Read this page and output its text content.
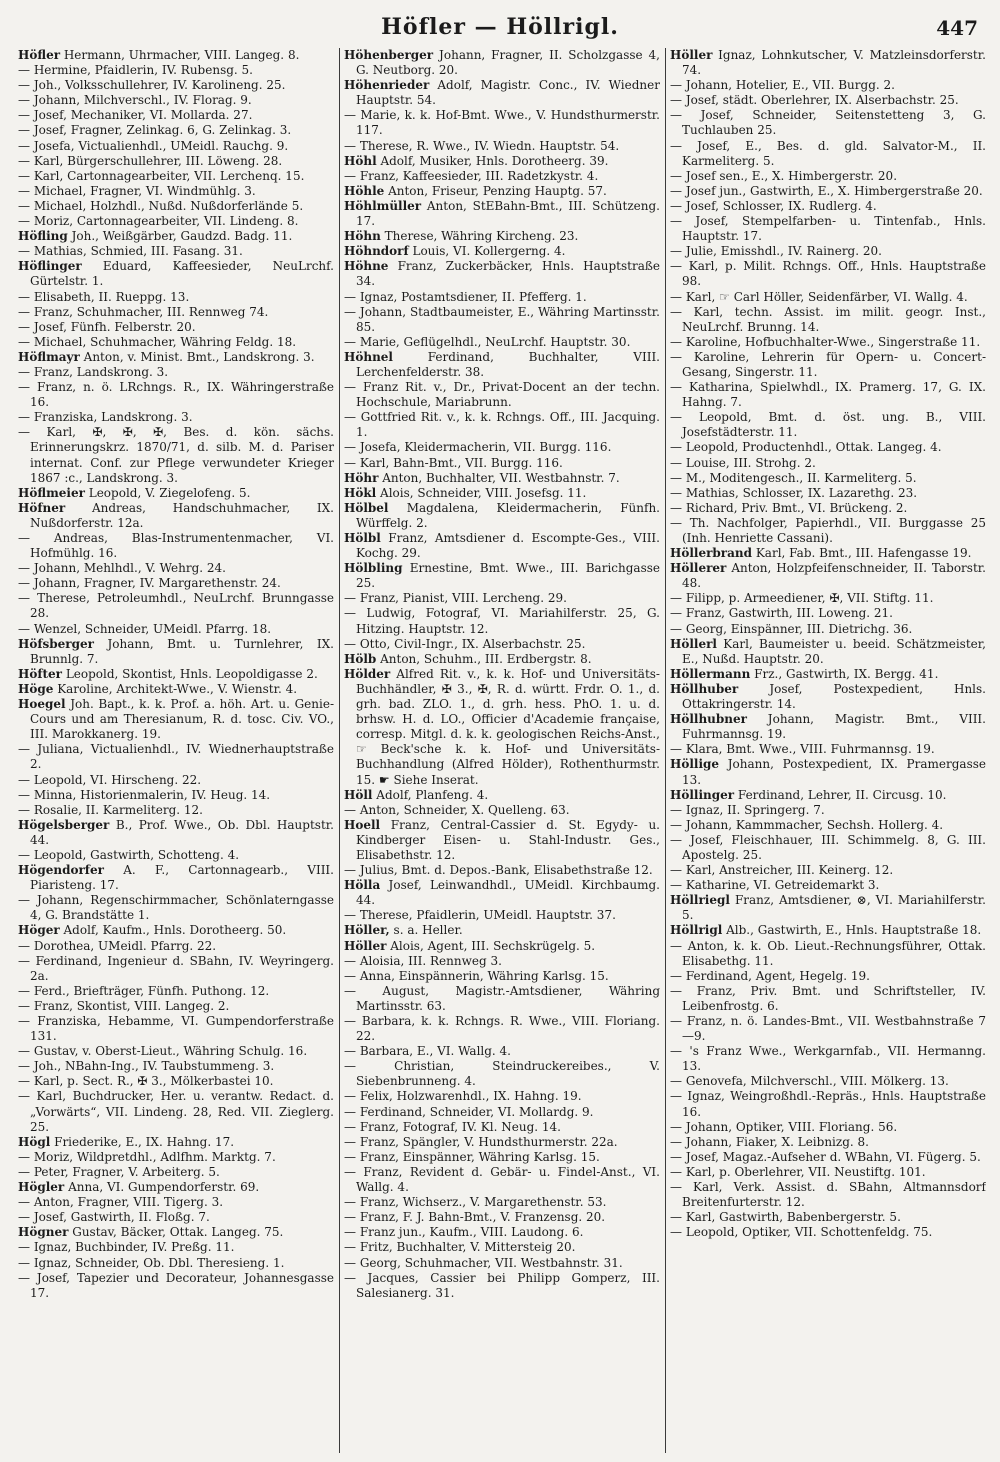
Höfler — Höllrigl.	447
Höfler Hermann, Uhrmacher, VIII. Langeg. 8.
— Hermine, Pfaidlerin, IV. Rubensg. 5.
— Joh., Volksschullehrer, IV. Karolineng. 25.
— Johann, Milchverschl., IV. Florag. 9.
— Josef, Mechaniker, VI. Mollarda. 27.
— Josef, Fragner, Zelinkag. 6, G. Zelinkag. 3.
— Josefa, Victualienhdl., UMeidl. Rauchg. 9.
— Karl, Bürgerschullehrer, III. Löweng. 28.
— Karl, Cartonnagearbeiter, VII. Lerchenq. 15.
— Michael, Fragner, VI. Windmühlg. 3.
— Michael, Holzhdl., Nußd. Nußdorferlände 5.
— Moriz, Cartonnagearbeiter, VII. Lindeng. 8.
Höfling Joh., Weißgärber, Gaudzd. Badg. 11.
— Mathias, Schmied, III. Fasang. 31.
Höflinger Eduard, Kaffeesieder, NeuLrchf. Gürtelstr. 1.
— Elisabeth, II. Rueppg. 13.
— Franz, Schuhmacher, III. Rennweg 74.
— Josef, Fünfh. Felberstr. 20.
— Michael, Schuhmacher, Währing Feldg. 18.
Höflmayr Anton, v. Minist. Bmt., Landskrong. 3.
— Franz, Landskrong. 3.
— Franz, n. ö. LRchngs. R., IX. Währingerstraße 16.
— Franziska, Landskrong. 3.
— Karl, ✠, ✠, ✠, Bes. d. kön. sächs. Erinnerungskrz. 1870/71, d. silb. M. d. Pariser internat. Conf. zur Pflege verwundeter Krieger 1867 :c., Landskrong. 3.
Höflmeier Leopold, V. Ziegelofeng. 5.
Höfner Andreas, Handschuhmacher, IX. Nußdorferstr. 12a.
— Andreas, Blas-Instrumentenmacher, VI. Hofmühlg. 16.
— Johann, Mehlhdl., V. Wehrg. 24.
— Johann, Fragner, IV. Margarethenstr. 24.
— Therese, Petroleumhdl., NeuLrchf. Brunngasse 28.
— Wenzel, Schneider, UMeidl. Pfarrg. 18.
Höfsberger Johann, Bmt. u. Turnlehrer, IX. Brunnlg. 7.
Höfter Leopold, Skontist, Hnls. Leopoldigasse 2.
Höge Karoline, Architekt-Wwe., V. Wienstr. 4.
Hoegel Joh. Bapt., k. k. Prof. a. höh. Art. u. Genie-Cours und am Theresianum, R. d. tosc. Civ. VO., III. Marokkanerg. 19.
— Juliana, Victualienhdl., IV. Wiednerhauptstraße 2.
— Leopold, VI. Hirscheng. 22.
— Minna, Historienmalerin, IV. Heug. 14.
— Rosalie, II. Karmeliterg. 12.
Högelsberger B., Prof. Wwe., Ob. Dbl. Hauptstr. 44.
— Leopold, Gastwirth, Schotteng. 4.
Högendorfer A. F., Cartonnagearb., VIII. Piaristeng. 17.
— Johann, Regenschirmmacher, Schönlaterngasse 4, G. Brandstätte 1.
Höger Adolf, Kaufm., Hnls. Dorotheerg. 50.
— Dorothea, UMeidl. Pfarrg. 22.
— Ferdinand, Ingenieur d. SBahn, IV. Weyringerg. 2a.
— Ferd., Briefträger, Fünfh. Puthong. 12.
— Franz, Skontist, VIII. Langeg. 2.
— Franziska, Hebamme, VI. Gumpendorferstraße 131.
— Gustav, v. Oberst-Lieut., Währing Schulg. 16.
— Joh., NBahn-Ing., IV. Taubstummeng. 3.
— Karl, p. Sect. R., ✠ 3., Mölkerbastei 10.
— Karl, Buchdrucker, Her. u. verantw. Redact. d. „Vorwärts“, VII. Lindeng. 28, Red. VII. Zieglerg. 25.
Högl Friederike, E., IX. Hahng. 17.
— Moriz, Wildpretdhl., Adlfhm. Marktg. 7.
— Peter, Fragner, V. Arbeiterg. 5.
Högler Anna, VI. Gumpendorferstr. 69.
— Anton, Fragner, VIII. Tigerg. 3.
— Josef, Gastwirth, II. Floßg. 7.
Högner Gustav, Bäcker, Ottak. Langeg. 75.
— Ignaz, Buchbinder, IV. Preßg. 11.
— Ignaz, Schneider, Ob. Dbl. Theresieng. 1.
— Josef, Tapezier und Decorateur, Johannesgasse 17.
Höhenberger Johann, Fragner, II. Scholzgasse 4, G. Neutborg. 20.
Höhenrieder Adolf, Magistr. Conc., IV. Wiedner Hauptstr. 54.
— Marie, k. k. Hof-Bmt. Wwe., V. Hundsthurmerstr. 117.
— Therese, R. Wwe., IV. Wiedn. Hauptstr. 54.
Höhl Adolf, Musiker, Hnls. Dorotheerg. 39.
— Franz, Kaffeesieder, III. Radetzkystr. 4.
Höhle Anton, Friseur, Penzing Hauptg. 57.
Höhlmüller Anton, StEBahn-Bmt., III. Schützeng. 17.
Höhn Therese, Währing Kircheng. 23.
Höhndorf Louis, VI. Kollergerng. 4.
Höhne Franz, Zuckerbäcker, Hnls. Hauptstraße 34.
— Ignaz, Postamtsdiener, II. Pfefferg. 1.
— Johann, Stadtbaumeister, E., Währing Martinsstr. 85.
— Marie, Geflügelhdl., NeuLrchf. Hauptstr. 30.
Höhnel Ferdinand, Buchhalter, VIII. Lerchenfelderstr. 38.
— Franz Rit. v., Dr., Privat-Docent an der techn. Hochschule, Mariabrunn.
— Gottfried Rit. v., k. k. Rchngs. Off., III. Jacquing. 1.
— Josefa, Kleidermacherin, VII. Burgg. 116.
— Karl, Bahn-Bmt., VII. Burgg. 116.
Höhr Anton, Buchhalter, VII. Westbahnstr. 7.
Hökl Alois, Schneider, VIII. Josefsg. 11.
Hölbel Magdalena, Kleidermacherin, Fünfh. Würffelg. 2.
Hölbl Franz, Amtsdiener d. Escompte-Ges., VIII. Kochg. 29.
Hölbling Ernestine, Bmt. Wwe., III. Barichgasse 25.
— Franz, Pianist, VIII. Lercheng. 29.
— Ludwig, Fotograf, VI. Mariahilferstr. 25, G. Hitzing. Hauptstr. 12.
— Otto, Civil-Ingr., IX. Alserbachstr. 25.
Hölb Anton, Schuhm., III. Erdbergstr. 8.
Hölder Alfred Rit. v., k. k. Hof- und Universitäts-Buchhändler, ✠ 3., ✠, R. d. württ. Frdr. O. 1., d. grh. bad. ZLO. 1., d. grh. hess. PhO. 1. u. d. brhsw. H. d. LO., Officier d'Academie française, corresp. Mitgl. d. k. k. geologischen Reichs-Anst., ☞ Beck'sche k. k. Hof- und Universitäts-Buchhandlung (Alfred Hölder), Rothenthurmstr. 15. ☛ Siehe Inserat.
Höll Adolf, Planfeng. 4.
— Anton, Schneider, X. Quelleng. 63.
Hoell Franz, Central-Cassier d. St. Egydy- u. Kindberger Eisen- u. Stahl-Industr. Ges., Elisabethstr. 12.
— Julius, Bmt. d. Depos.-Bank, Elisabethstraße 12.
Hölla Josef, Leinwandhdl., UMeidl. Kirchbaumg. 44.
— Therese, Pfaidlerin, UMeidl. Hauptstr. 37.
Höller, s. a. Heller.
Höller Alois, Agent, III. Sechskrügelg. 5.
— Aloisia, III. Rennweg 3.
— Anna, Einspännerin, Währing Karlsg. 15.
— August, Magistr.-Amtsdiener, Währing Martinsstr. 63.
— Barbara, k. k. Rchngs. R. Wwe., VIII. Floriang. 22.
— Barbara, E., VI. Wallg. 4.
— Christian, Steindruckereibes., V. Siebenbrunneng. 4.
— Felix, Holzwarenhdl., IX. Hahng. 19.
— Ferdinand, Schneider, VI. Mollardg. 9.
— Franz, Fotograf, IV. Kl. Neug. 14.
— Franz, Spängler, V. Hundsthurmerstr. 22a.
— Franz, Einspänner, Währing Karlsg. 15.
— Franz, Revident d. Gebär- u. Findel-Anst., VI. Wallg. 4.
— Franz, Wichserz., V. Margarethenstr. 53.
— Franz, F. J. Bahn-Bmt., V. Franzensg. 20.
— Franz jun., Kaufm., VIII. Laudong. 6.
— Fritz, Buchhalter, V. Mittersteig 20.
— Georg, Schuhmacher, VII. Westbahnstr. 31.
— Jacques, Cassier bei Philipp Gomperz, III. Salesianerg. 31.
Höller Ignaz, Lohnkutscher, V. Matzleinsdorferstr. 74.
— Johann, Hotelier, E., VII. Burgg. 2.
— Josef, städt. Oberlehrer, IX. Alserbachstr. 25.
— Josef, Schneider, Seitenstetteng 3, G. Tuchlauben 25.
— Josef, E., Bes. d. gld. Salvator-M., II. Karmeliterg. 5.
— Josef sen., E., X. Himbergerstr. 20.
— Josef jun., Gastwirth, E., X. Himbergerstraße 20.
— Josef, Schlosser, IX. Rudlerg. 4.
— Josef, Stempelfarben- u. Tintenfab., Hnls. Hauptstr. 17.
— Julie, Emisshdl., IV. Rainerg. 20.
— Karl, p. Milit. Rchngs. Off., Hnls. Hauptstraße 98.
— Karl, ☞ Carl Höller, Seidenfärber, VI. Wallg. 4.
— Karl, techn. Assist. im milit. geogr. Inst., NeuLrchf. Brunng. 14.
— Karoline, Hofbuchhalter-Wwe., Singerstraße 11.
— Karoline, Lehrerin für Opern- u. Concert-Gesang, Singerstr. 11.
— Katharina, Spielwhdl., IX. Pramerg. 17, G. IX. Hahng. 7.
— Leopold, Bmt. d. öst. ung. B., VIII. Josefstädterstr. 11.
— Leopold, Productenhdl., Ottak. Langeg. 4.
— Louise, III. Strohg. 2.
— M., Moditengesch., II. Karmeliterg. 5.
— Mathias, Schlosser, IX. Lazarethg. 23.
— Richard, Priv. Bmt., VI. Brückeng. 2.
— Th. Nachfolger, Papierhdl., VII. Burggasse 25 (Inh. Henriette Cassani).
Höllerbrand Karl, Fab. Bmt., III. Hafengasse 19.
Höllerer Anton, Holzpfeifenschneider, II. Taborstr. 48.
— Filipp, p. Armeediener, ✠, VII. Stiftg. 11.
— Franz, Gastwirth, III. Loweng. 21.
— Georg, Einspänner, III. Dietrichg. 36.
Höllerl Karl, Baumeister u. beeid. Schätzmeister, E., Nußd. Hauptstr. 20.
Höllermann Frz., Gastwirth, IX. Bergg. 41.
Höllhuber Josef, Postexpedient, Hnls. Ottakringerstr. 14.
Höllhubner Johann, Magistr. Bmt., VIII. Fuhrmannsg. 19.
— Klara, Bmt. Wwe., VIII. Fuhrmannsg. 19.
Höllige Johann, Postexpedient, IX. Pramergasse 13.
Höllinger Ferdinand, Lehrer, II. Circusg. 10.
— Ignaz, II. Springerg. 7.
— Johann, Kammmacher, Sechsh. Hollerg. 4.
— Josef, Fleischhauer, III. Schimmelg. 8, G. III. Apostelg. 25.
— Karl, Anstreicher, III. Keinerg. 12.
— Katharine, VI. Getreidemarkt 3.
Höllriegl Franz, Amtsdiener, ⊗, VI. Mariahilferstr. 5.
Höllrigl Alb., Gastwirth, E., Hnls. Hauptstraße 18.
— Anton, k. k. Ob. Lieut.-Rechnungsführer, Ottak. Elisabethg. 11.
— Ferdinand, Agent, Hegelg. 19.
— Franz, Priv. Bmt. und Schriftsteller, IV. Leibenfrostg. 6.
— Franz, n. ö. Landes-Bmt., VII. Westbahnstraße 7—9.
— 's Franz Wwe., Werkgarnfab., VII. Hermanng. 13.
— Genovefa, Milchverschl., VIII. Mölkerg. 13.
— Ignaz, Weingroßhdl.-Repräs., Hnls. Hauptstraße 16.
— Johann, Optiker, VIII. Floriang. 56.
— Johann, Fiaker, X. Leibnizg. 8.
— Josef, Magaz.-Aufseher d. WBahn, VI. Fügerg. 5.
— Karl, p. Oberlehrer, VII. Neustiftg. 101.
— Karl, Verk. Assist. d. SBahn, Altmannsdorf Breitenfurterstr. 12.
— Karl, Gastwirth, Babenbergerstr. 5.
— Leopold, Optiker, VII. Schottenfeldg. 75.
